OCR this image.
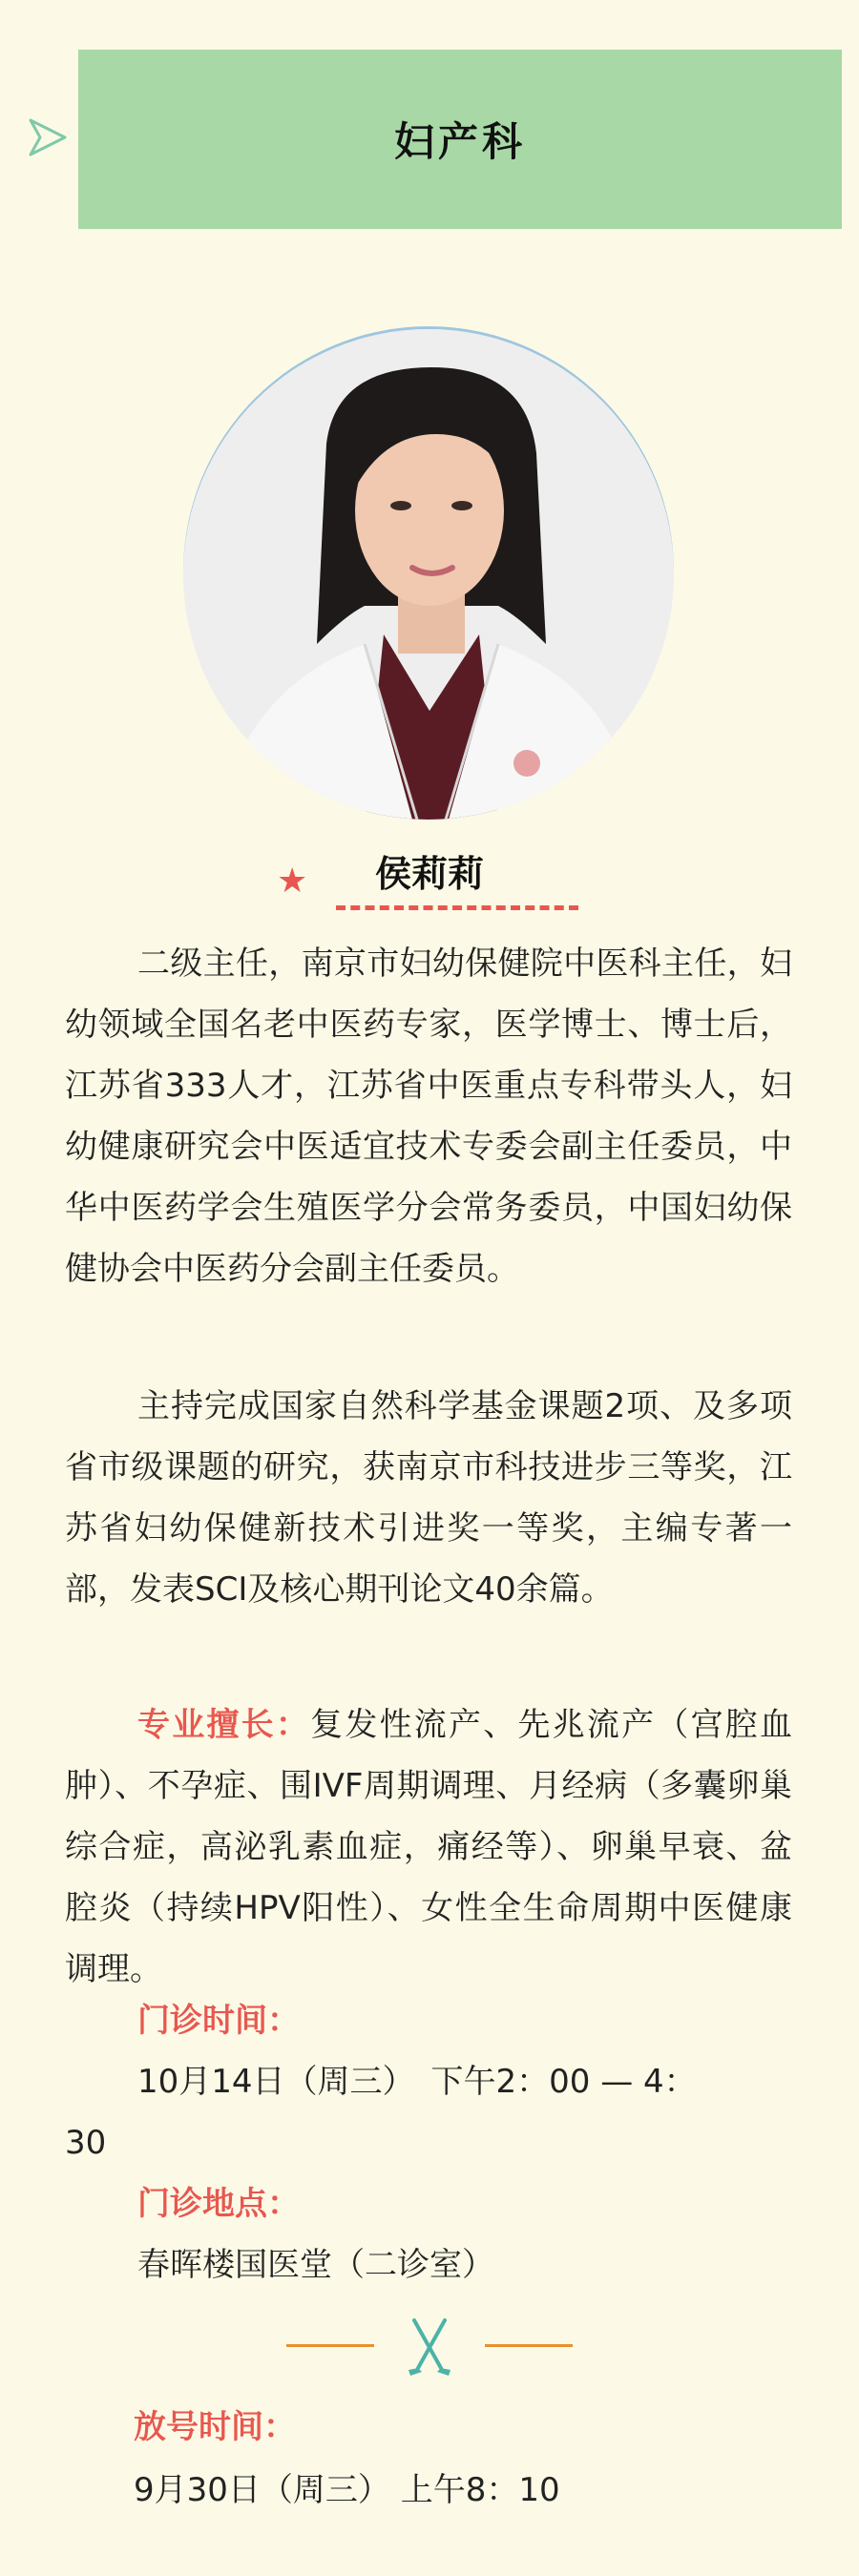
妇产科
★	侯莉莉

二级主任，南京市妇幼保健院中医科主任，妇幼领域全国名老中医药专家，医学博士、博士后，江苏省333人才，江苏省中医重点专科带头人，妇幼健康研究会中医适宜技术专委会副主任委员，中华中医药学会生殖医学分会常务委员，中国妇幼保健协会中医药分会副主任委员。

主持完成国家自然科学基金课题2项、及多项省市级课题的研究，获南京市科技进步三等奖，江苏省妇幼保健新技术引进奖一等奖，主编专著一部，发表SCI及核心期刊论文40余篇。

专业擅长：复发性流产、先兆流产（宫腔血肿）、不孕症、围IVF周期调理、月经病（多囊卵巢综合症，高泌乳素血症，痛经等）、卵巢早衰、盆腔炎（持续HPV阳性）、女性全生命周期中医健康调理。

门诊时间：
10月14日（周三）　下午2：00 — 4：
30
门诊地点：
春晖楼国医堂（二诊室）
放号时间：
9月30日（周三） 上午8：10
